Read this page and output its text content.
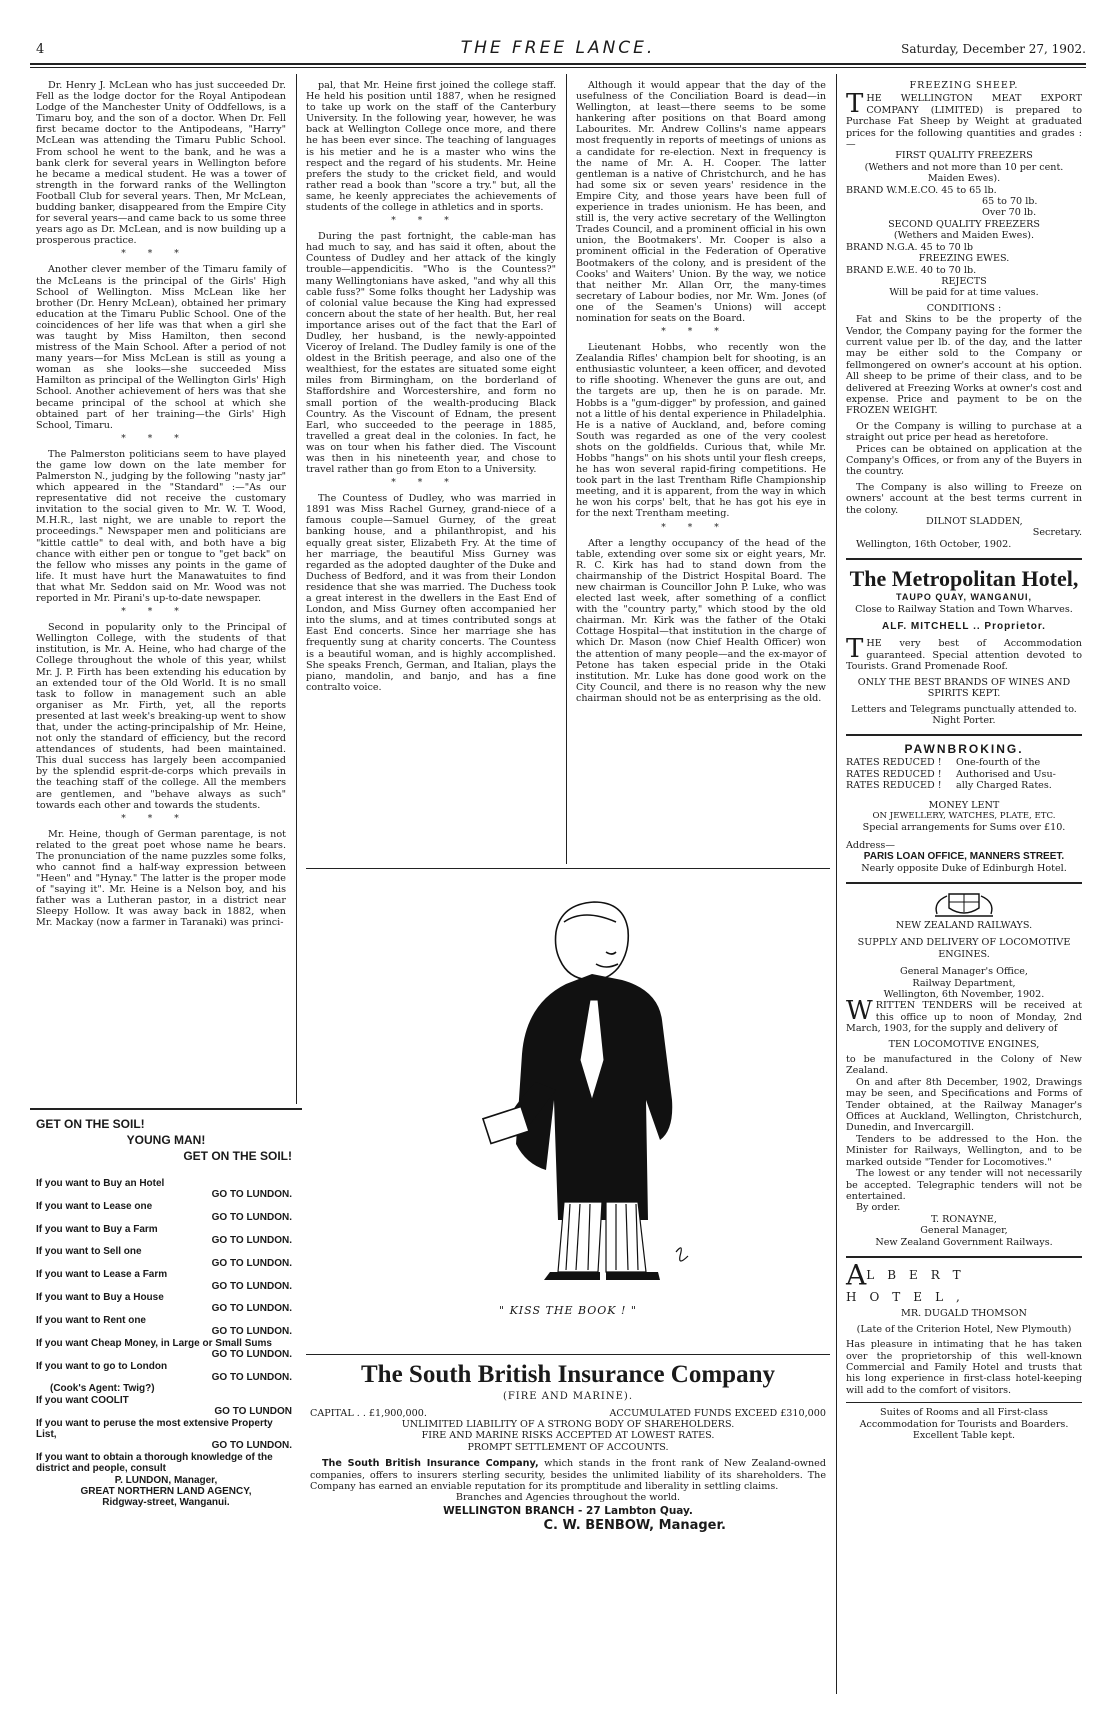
4	THE FREE LANCE.	Saturday, December 27, 1902.

Dr. Henry J. McLean who has just succeeded Dr. Fell as the lodge doctor for the Royal Antipodean Lodge of the Manchester Unity of Oddfellows, is a Timaru boy, and the son of a doctor. When Dr. Fell first became doctor to the Antipodeans, "Harry" McLean was attending the Timaru Public School. From school he went to the bank, and he was a bank clerk for several years in Wellington before he became a medical student. He was a tower of strength in the forward ranks of the Wellington Football Club for several years. Then, Mr McLean, budding banker, disappeared from the Empire City for several years—and came back to us some three years ago as Dr. McLean, and is now building up a prosperous practice.

***

Another clever member of the Timaru family of the McLeans is the principal of the Girls' High School of Wellington. Miss McLean like her brother (Dr. Henry McLean), obtained her primary education at the Timaru Public School. One of the coincidences of her life was that when a girl she was taught by Miss Hamilton, then second mistress of the Main School. After a period of not many years—for Miss McLean is still as young a woman as she looks—she succeeded Miss Hamilton as principal of the Wellington Girls' High School. Another achievement of hers was that she became principal of the school at which she obtained part of her training—the Girls' High School, Timaru.

***

The Palmerston politicians seem to have played the game low down on the late member for Palmerston N., judging by the following "nasty jar" which appeared in the "Standard" :—"As our representative did not receive the customary invitation to the social given to Mr. W. T. Wood, M.H.R., last night, we are unable to report the proceedings." Newspaper men and politicians are "kittle cattle" to deal with, and both have a big chance with either pen or tongue to "get back" on the fellow who misses any points in the game of life. It must have hurt the Manawatuites to find that what Mr. Seddon said on Mr. Wood was not reported in Mr. Pirani's up-to-date newspaper.

***

Second in popularity only to the Principal of Wellington College, with the students of that institution, is Mr. A. Heine, who had charge of the College throughout the whole of this year, whilst Mr. J. P. Firth has been extending his education by an extended tour of the Old World. It is no small task to follow in management such an able organiser as Mr. Firth, yet, all the reports presented at last week's breaking-up went to show that, under the acting-principalship of Mr. Heine, not only the standard of efficiency, but the record attendances of students, had been maintained. This dual success has largely been accompanied by the splendid esprit-de-corps which prevails in the teaching staff of the college. All the members are gentlemen, and "behave always as such" towards each other and towards the students.

***

Mr. Heine, though of German parentage, is not related to the great poet whose name he bears. The pronunciation of the name puzzles some folks, who cannot find a half-way expression between "Heen" and "Hynay." The latter is the proper mode of "saying it". Mr. Heine is a Nelson boy, and his father was a Lutheran pastor, in a district near Sleepy Hollow. It was away back in 1882, when Mr. Mackay (now a farmer in Taranaki) was princi-

pal, that Mr. Heine first joined the college staff. He held his position until 1887, when he resigned to take up work on the staff of the Canterbury University. In the following year, however, he was back at Wellington College once more, and there he has been ever since. The teaching of languages is his metier and he is a master who wins the respect and the regard of his students. Mr. Heine prefers the study to the cricket field, and would rather read a book than "score a try." but, all the same, he keenly appreciates the achievements of students of the college in athletics and in sports.

***

During the past fortnight, the cable-man has had much to say, and has said it often, about the Countess of Dudley and her attack of the kingly trouble—appendicitis. "Who is the Countess?" many Wellingtonians have asked, "and why all this cable fuss?" Some folks thought her Ladyship was of colonial value because the King had expressed concern about the state of her health. But, her real importance arises out of the fact that the Earl of Dudley, her husband, is the newly-appointed Viceroy of Ireland. The Dudley family is one of the oldest in the British peerage, and also one of the wealthiest, for the estates are situated some eight miles from Birmingham, on the borderland of Staffordshire and Worcestershire, and form no small portion of the wealth-producing Black Country. As the Viscount of Ednam, the present Earl, who succeeded to the peerage in 1885, travelled a great deal in the colonies. In fact, he was on tour when his father died. The Viscount was then in his nineteenth year, and chose to travel rather than go from Eton to a University.

***

The Countess of Dudley, who was married in 1891 was Miss Rachel Gurney, grand-niece of a famous couple—Samuel Gurney, of the great banking house, and a philanthropist, and his equally great sister, Elizabeth Fry. At the time of her marriage, the beautiful Miss Gurney was regarded as the adopted daughter of the Duke and Duchess of Bedford, and it was from their London residence that she was married. The Duchess took a great interest in the dwellers in the East End of London, and Miss Gurney often accompanied her into the slums, and at times contributed songs at East End concerts. Since her marriage she has frequently sung at charity concerts. The Countess is a beautiful woman, and is highly accomplished. She speaks French, German, and Italian, plays the piano, mandolin, and banjo, and has a fine contralto voice.

Although it would appear that the day of the usefulness of the Conciliation Board is dead—in Wellington, at least—there seems to be some hankering after positions on that Board among Labourites. Mr. Andrew Collins's name appears most frequently in reports of meetings of unions as a candidate for re-election. Next in frequency is the name of Mr. A. H. Cooper. The latter gentleman is a native of Christchurch, and he has had some six or seven years' residence in the Empire City, and those years have been full of experience in trades unionism. He has been, and still is, the very active secretary of the Wellington Trades Council, and a prominent official in his own union, the Bootmakers'. Mr. Cooper is also a prominent official in the Federation of Operative Bootmakers of the colony, and is president of the Cooks' and Waiters' Union. By the way, we notice that neither Mr. Allan Orr, the many-times secretary of Labour bodies, nor Mr. Wm. Jones (of one of the Seamen's Unions) will accept nomination for seats on the Board.

***

Lieutenant Hobbs, who recently won the Zealandia Rifles' champion belt for shooting, is an enthusiastic volunteer, a keen officer, and devoted to rifle shooting. Whenever the guns are out, and the targets are up, then he is on parade. Mr. Hobbs is a "gum-digger" by profession, and gained not a little of his dental experience in Philadelphia. He is a native of Auckland, and, before coming South was regarded as one of the very coolest shots on the goldfields. Curious that, while Mr. Hobbs "hangs" on his shots until your flesh creeps, he has won several rapid-firing competitions. He took part in the last Trentham Rifle Championship meeting, and it is apparent, from the way in which he won his corps' belt, that he has got his eye in for the next Trentham meeting.

***

After a lengthy occupancy of the head of the table, extending over some six or eight years, Mr. R. C. Kirk has had to stand down from the chairmanship of the District Hospital Board. The new chairman is Councillor John P. Luke, who was elected last week, after something of a conflict with the "country party," which stood by the old chairman. Mr. Kirk was the father of the Otaki Cottage Hospital—that institution in the charge of which Dr. Mason (now Chief Health Officer) won the attention of many people—and the ex-mayor of Petone has taken especial pride in the Otaki institution. Mr. Luke has done good work on the City Council, and there is no reason why the new chairman should not be as enterprising as the old.

" KISS THE BOOK ! "

GET ON THE SOIL!

YOUNG MAN!

GET ON THE SOIL!

If you want to Buy an Hotel

GO TO LUNDON.

If you want to Lease one

GO TO LUNDON.

If you want to Buy a Farm

GO TO LUNDON.

If you want to Sell one

GO TO LUNDON.

If you want to Lease a Farm

GO TO LUNDON.

If you want to Buy a House

GO TO LUNDON.

If you want to Rent one

GO TO LUNDON.

If you want Cheap Money, in Large or Small Sums

GO TO LUNDON.

If you want to go to London

GO TO LUNDON.

(Cook's Agent: Twig?)

If you want COOLIT

GO TO LUNDON

If you want to peruse the most extensive Property List,

GO TO LUNDON.

If you want to obtain a thorough knowledge of the district and people, consult

P. LUNDON, Manager,

GREAT NORTHERN LAND AGENCY,

Ridgway-street, Wanganui.

The South British Insurance Company
(FIRE AND MARINE).
CAPITAL . . £1,900,000.	ACCUMULATED FUNDS EXCEED £310,000

UNLIMITED LIABILITY OF A STRONG BODY OF SHAREHOLDERS.

FIRE AND MARINE RISKS ACCEPTED AT LOWEST RATES.

PROMPT SETTLEMENT OF ACCOUNTS.

The South British Insurance Company, which stands in the front rank of New Zealand-owned companies, offers to insurers sterling security, besides the unlimited liability of its shareholders. The Company has earned an enviable reputation for its promptitude and liberality in settling claims.

Branches and Agencies throughout the world.

WELLINGTON BRANCH - 27 Lambton Quay.

C. W. BENBOW, Manager.

FREEZING SHEEP.

THE WELLINGTON MEAT EXPORT COMPANY (LIMITED) is prepared to Purchase Fat Sheep by Weight at graduated prices for the following quantities and grades :—

FIRST QUALITY FREEZERS

(Wethers and not more than 10 per cent. Maiden Ewes).

BRAND W.M.E.CO. 45 to 65 lb.

65 to 70 lb.

Over 70 lb.

SECOND QUALITY FREEZERS

(Wethers and Maiden Ewes).

BRAND N.G.A. 45 to 70 lb

FREEZING EWES.

BRAND E.W.E. 40 to 70 lb.

REJECTS

Will be paid for at time values.

CONDITIONS :

Fat and Skins to be the property of the Vendor, the Company paying for the former the current value per lb. of the day, and the latter may be either sold to the Company or fellmongered on owner's account at his option. All sheep to be prime of their class, and to be delivered at Freezing Works at owner's cost and expense. Price and payment to be on the FROZEN WEIGHT.

Or the Company is willing to purchase at a straight out price per head as heretofore.

Prices can be obtained on application at the Company's Offices, or from any of the Buyers in the country.

The Company is also willing to Freeze on owners' account at the best terms current in the colony.

DILNOT SLADDEN,

Secretary.

Wellington, 16th October, 1902.

The Metropolitan Hotel,

TAUPO QUAY, WANGANUI,

Close to Railway Station and Town Wharves.

ALF. MITCHELL .. Proprietor.

THE very best of Accommodation guaranteed. Special attention devoted to Tourists. Grand Promenade Roof.

ONLY THE BEST BRANDS OF WINES AND SPIRITS KEPT.

Letters and Telegrams punctually attended to. Night Porter.

PAWNBROKING.

RATES REDUCED !	One-fourth of the
RATES REDUCED !	Authorised and Usu-
RATES REDUCED !	ally Charged Rates.

MONEY LENT

ON JEWELLERY, WATCHES, PLATE, ETC.

Special arrangements for Sums over £10.

Address—

PARIS LOAN OFFICE, MANNERS STREET.

Nearly opposite Duke of Edinburgh Hotel.

NEW ZEALAND RAILWAYS.

SUPPLY AND DELIVERY OF LOCOMOTIVE ENGINES.

General Manager's Office,

Railway Department,

Wellington, 6th November, 1902.

WRITTEN TENDERS will be received at this office up to noon of Monday, 2nd March, 1903, for the supply and delivery of

TEN LOCOMOTIVE ENGINES,

to be manufactured in the Colony of New Zealand.

On and after 8th December, 1902, Drawings may be seen, and Specifications and Forms of Tender obtained, at the Railway Manager's Offices at Auckland, Wellington, Christchurch, Dunedin, and Invercargill.

Tenders to be addressed to the Hon. the Minister for Railways, Wellington, and to be marked outside "Tender for Locomotives."

The lowest or any tender will not necessarily be accepted. Telegraphic tenders will not be entertained.

By order.

T. RONAYNE,

General Manager,

New Zealand Government Railways.

ALBERT HOTEL,

MR. DUGALD THOMSON

(Late of the Criterion Hotel, New Plymouth)

Has pleasure in intimating that he has taken over the proprietorship of this well-known Commercial and Family Hotel and trusts that his long experience in first-class hotel-keeping will add to the comfort of visitors.

Suites of Rooms and all First-class Accommodation for Tourists and Boarders.

Excellent Table kept.
